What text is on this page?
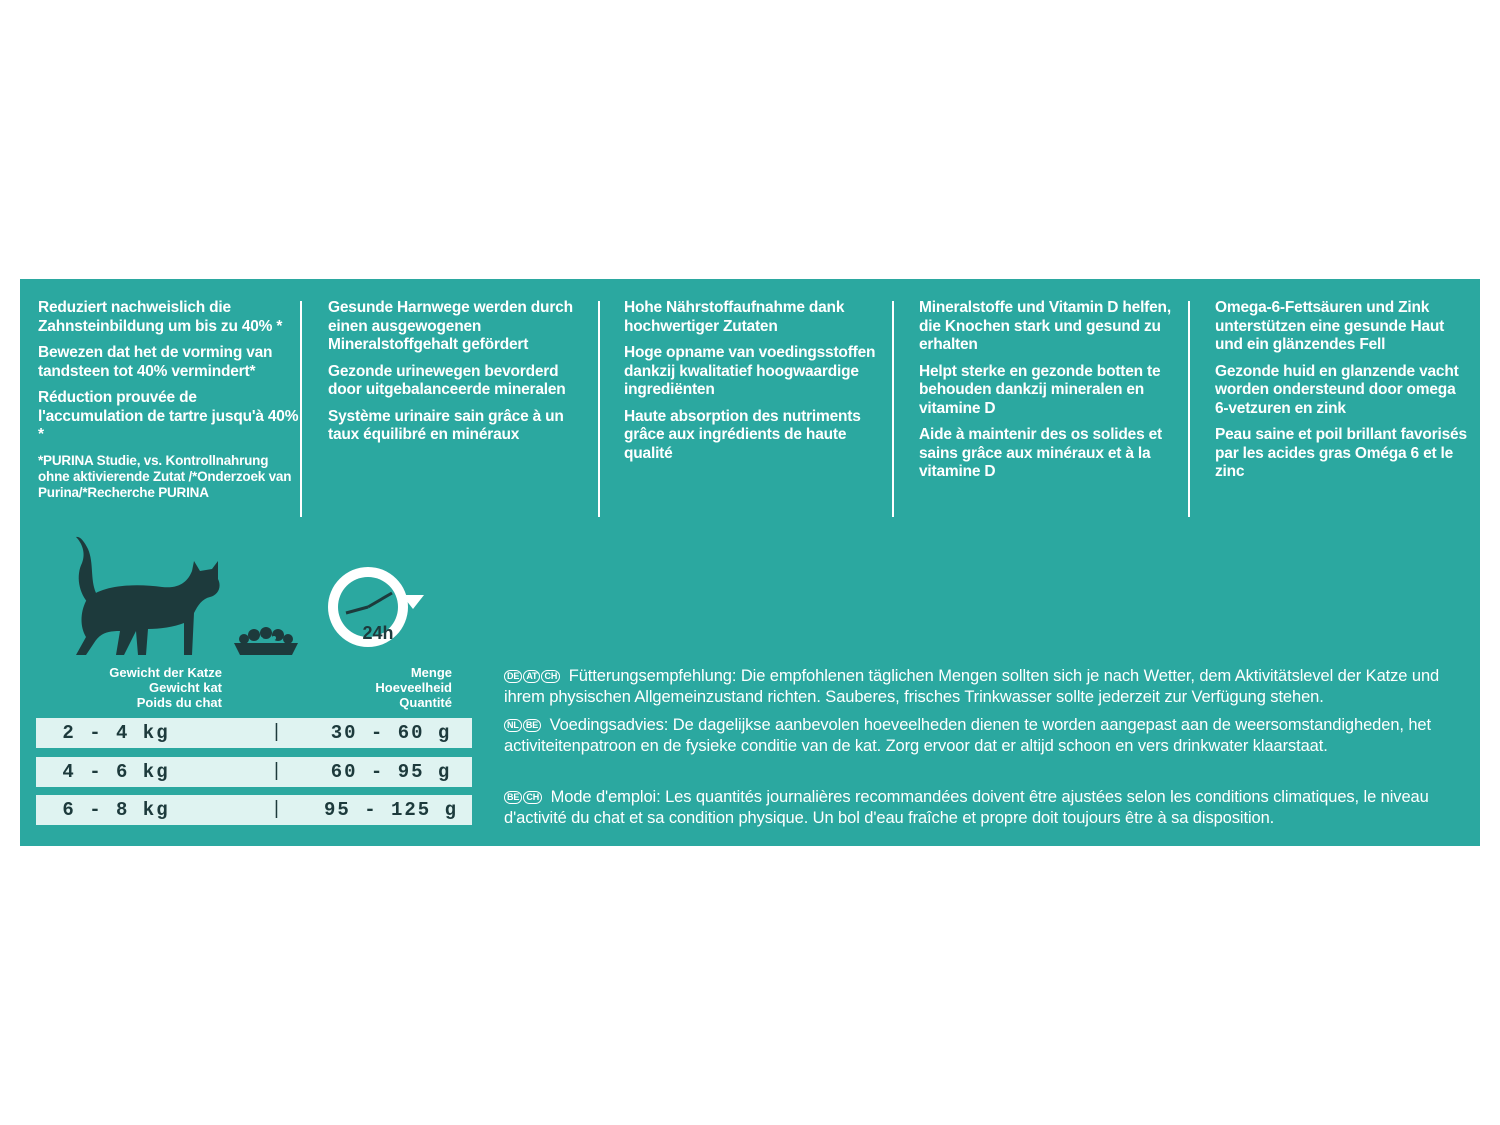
Reduziert nachweislich die Zahnsteinbildung um bis zu 40% *

Bewezen dat het de vorming van tandsteen tot 40% vermindert*

Réduction prouvée de l'accumulation de tartre jusqu'à 40% *

*PURINA Studie, vs. Kontrollnahrung ohne aktivierende Zutat /*Onderzoek van Purina/*Recherche PURINA

Gesunde Harnwege werden durch einen ausgewogenen Mineralstoffgehalt gefördert

Gezonde urinewegen bevorderd door uitgebalanceerde mineralen

Système urinaire sain grâce à un taux équilibré en minéraux

Hohe Nährstoffaufnahme dank hochwertiger Zutaten

Hoge opname van voedingsstoffen dankzij kwalitatief hoogwaardige ingrediënten

Haute absorption des nutriments grâce aux ingrédients de haute qualité

Mineralstoffe und Vitamin D helfen, die Knochen stark und gesund zu erhalten

Helpt sterke en gezonde botten te behouden dankzij mineralen en vitamine D

Aide à maintenir des os solides et sains grâce aux minéraux et à la vitamine D

Omega-6-Fettsäuren und Zink unterstützen eine gesunde Haut und ein glänzendes Fell

Gezonde huid en glanzende vacht worden ondersteund door omega 6-vetzuren en zink

Peau saine et poil brillant favorisés par les acides gras Oméga 6 et le zinc

24h
Gewicht der Katze
Gewicht kat
Poids du chat
Menge
Hoeveelheid
Quantité
2 - 4 kg	|	30 - 60 g
4 - 6 kg	|	60 - 95 g
6 - 8 kg	|	95 - 125 g
DE AT CH Fütterungsempfehlung: Die empfohlenen täglichen Mengen sollten sich je nach Wetter, dem Aktivitätslevel der Katze und ihrem physischen Allgemeinzustand richten. Sauberes, frisches Trinkwasser sollte jederzeit zur Verfügung stehen.
NL BE Voedingsadvies: De dagelijkse aanbevolen hoeveelheden dienen te worden aangepast aan de weersomstandigheden, het activiteitenpatroon en de fysieke conditie van de kat. Zorg ervoor dat er altijd schoon en vers drinkwater klaarstaat.
BE CH Mode d'emploi: Les quantités journalières recommandées doivent être ajustées selon les conditions climatiques, le niveau d'activité du chat et sa condition physique. Un bol d'eau fraîche et propre doit toujours être à sa disposition.
